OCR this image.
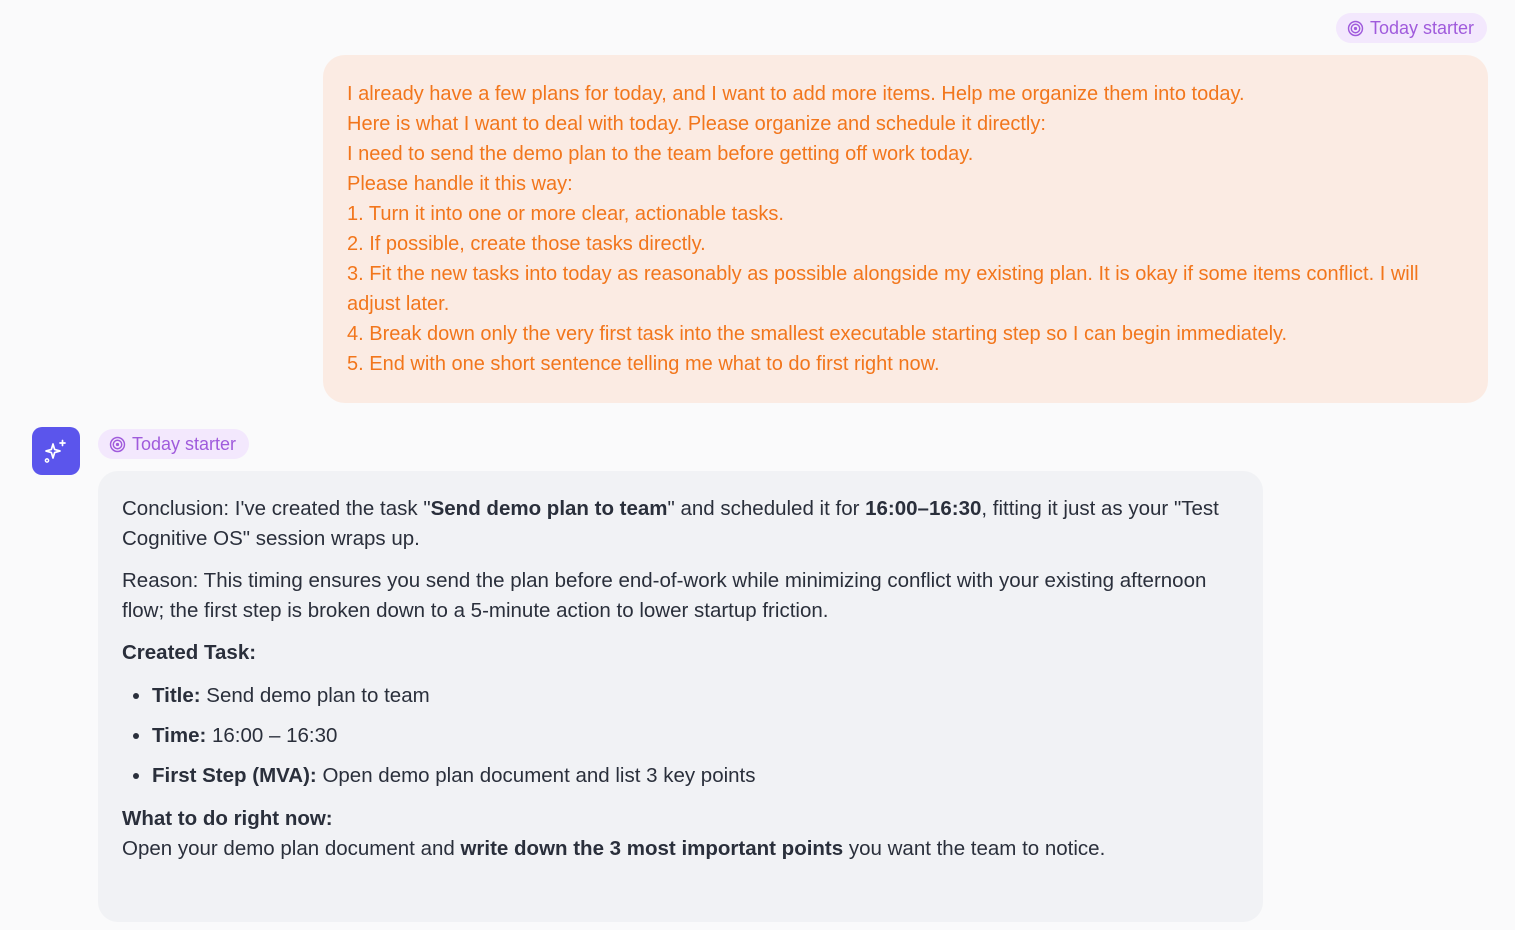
Today starter
I already have a few plans for today, and I want to add more items. Help me organize them into today.
Here is what I want to deal with today. Please organize and schedule it directly:
I need to send the demo plan to the team before getting off work today.
Please handle it this way:
1. Turn it into one or more clear, actionable tasks.
2. If possible, create those tasks directly.
3. Fit the new tasks into today as reasonably as possible alongside my existing plan. It is okay if some items conflict. I will adjust later.
4. Break down only the very first task into the smallest executable starting step so I can begin immediately.
5. End with one short sentence telling me what to do first right now.
Today starter

Conclusion: I've created the task "Send demo plan to team" and scheduled it for 16:00–16:30, fitting it just as your "Test Cognitive OS" session wraps up.

Reason: This timing ensures you send the plan before end-of-work while minimizing conflict with your existing afternoon flow; the first step is broken down to a 5-minute action to lower startup friction.

Created Task:
• Title: Send demo plan to team
• Time: 16:00 – 16:30
• First Step (MVA): Open demo plan document and list 3 key points
What to do right now:
Open your demo plan document and write down the 3 most important points you want the team to notice.
